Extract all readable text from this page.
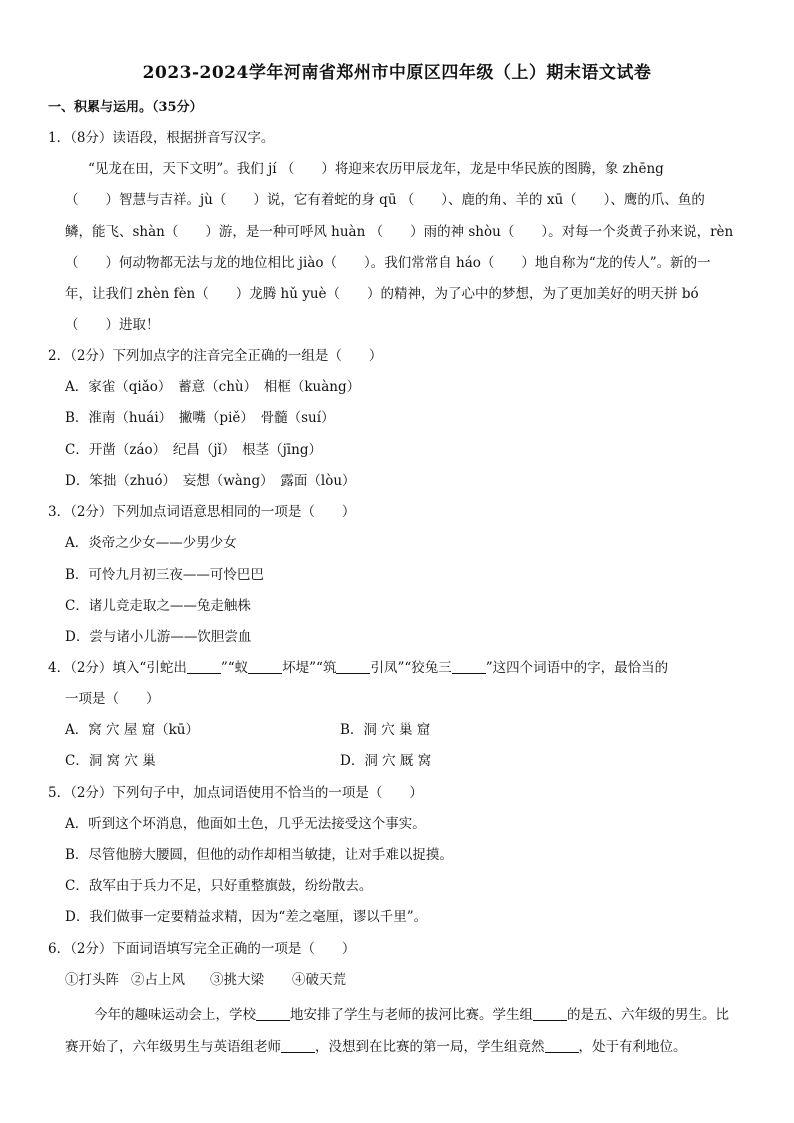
2023-2024学年河南省郑州市中原区四年级（上）期末语文试卷
一、积累与运用。（35分）
1．（8分）读语段，根据拼音写汉字。
“见龙在田，天下文明”。我们 jí （　　）将迎来农历甲辰龙年，龙是中华民族的图腾，象 zhēng
（　　）智慧与吉祥。jù（　　）说，它有着蛇的身 qū （　　）、鹿的角、羊的 xū（　　）、鹰的爪、鱼的
鳞，能飞、shàn（　　）游，是一种可呼风 huàn （　　）雨的神 shòu（　　）。对每一个炎黄子孙来说，rèn
（　　）何动物都无法与龙的地位相比 jiào（　　）。我们常常自 háo（　　）地自称为“龙的传人”。新的一
年，让我们 zhèn fèn（　　）龙腾 hǔ yuè（　　）的精神，为了心中的梦想，为了更加美好的明天拼 bó
（　　）进取！
2．（2分）下列加点字的注音完全正确的一组是（　　）
A．家雀（qiǎo）　蓄意（chù）　相框（kuàng）
B．淮南（huái）　撇嘴（piě）　骨髓（suí）
C．开凿（záo）　纪昌（jǐ）　根茎（jīng）
D．笨拙（zhuó）　妄想（wàng）　露面（lòu）
3．（2分）下列加点词语意思相同的一项是（　　）
A．炎帝之少女——少男少女
B．可怜九月初三夜——可怜巴巴
C．诸儿竞走取之——兔走触株
D．尝与诸小儿游——饮胆尝血
4．（2分）填入“引蛇出	”“蚁	坏堤”“筑	引凤”“狡兔三	”这四个词语中的字，最恰当的
一项是（　　）
A．窝 穴 屋 窟（kū）	B．洞 穴 巢 窟
C．洞 窝 穴 巢	D．洞 穴 厩 窝
5．（2分）下列句子中，加点词语使用不恰当的一项是（　　）
A．听到这个坏消息，他面如土色，几乎无法接受这个事实。
B．尽管他膀大腰圆，但他的动作却相当敏捷，让对手难以捉摸。
C．敌军由于兵力不足，只好重整旗鼓，纷纷散去。
D．我们做事一定要精益求精，因为“差之毫厘，谬以千里”。
6．（2分）下面词语填写完全正确的一项是（　　）
①打头阵 ②占上风 ③挑大梁 ④破天荒
今年的趣味运动会上，学校	地安排了学生与老师的拔河比赛。学生组	的是五、六年级的男生。比
赛开始了，六年级男生与英语组老师	，没想到在比赛的第一局，学生组竟然	，处于有利地位。
